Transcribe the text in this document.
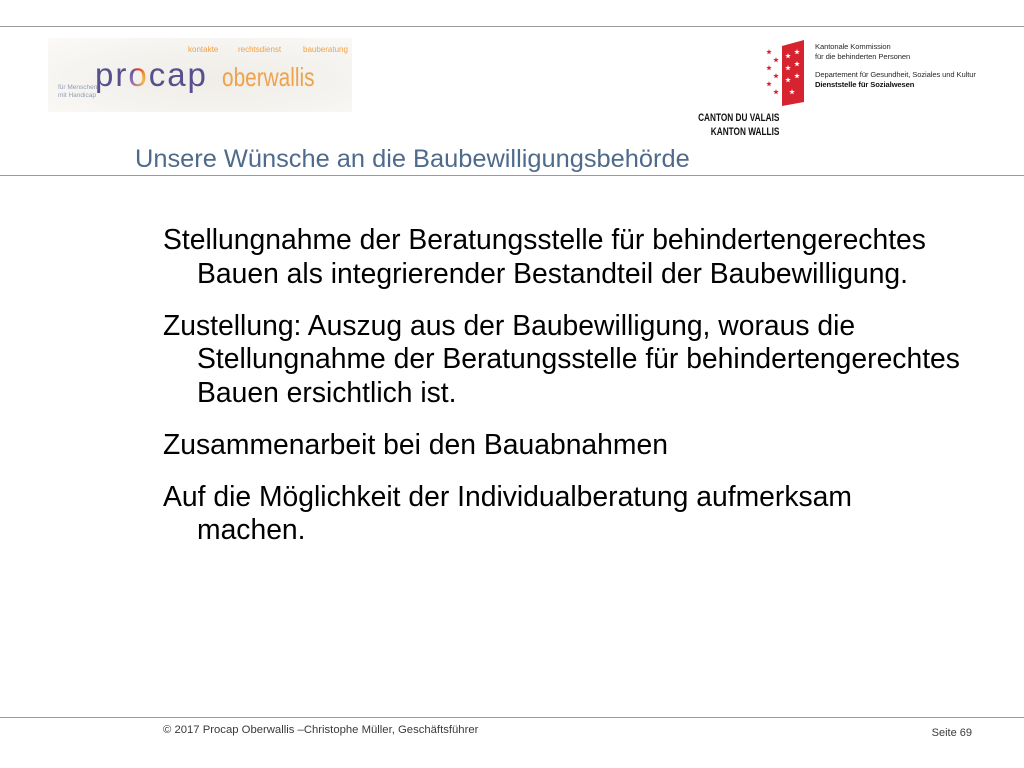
kontakte rechtsdienst	bauberatung
procap oberwallis
für Menschen
mit Handicap
Kantonale Kommission
für die behinderten Personen
Departement für Gesundheit, Soziales und Kultur
Dienststelle für Sozialwesen
CANTON DU VALAIS
KANTON WALLIS
Unsere Wünsche an die Baubewilligungsbehörde
Stellungnahme der Beratungsstelle für behindertengerechtes
Bauen als integrierender Bestandteil der Baubewilligung.
Zustellung: Auszug aus der Baubewilligung, woraus die
Stellungnahme der Beratungsstelle für behindertengerechtes
Bauen ersichtlich ist.
Zusammenarbeit bei den Bauabnahmen
Auf die Möglichkeit der Individualberatung aufmerksam
machen.
© 2017 Procap Oberwallis –Christophe Müller, Geschäftsführer	Seite 69
